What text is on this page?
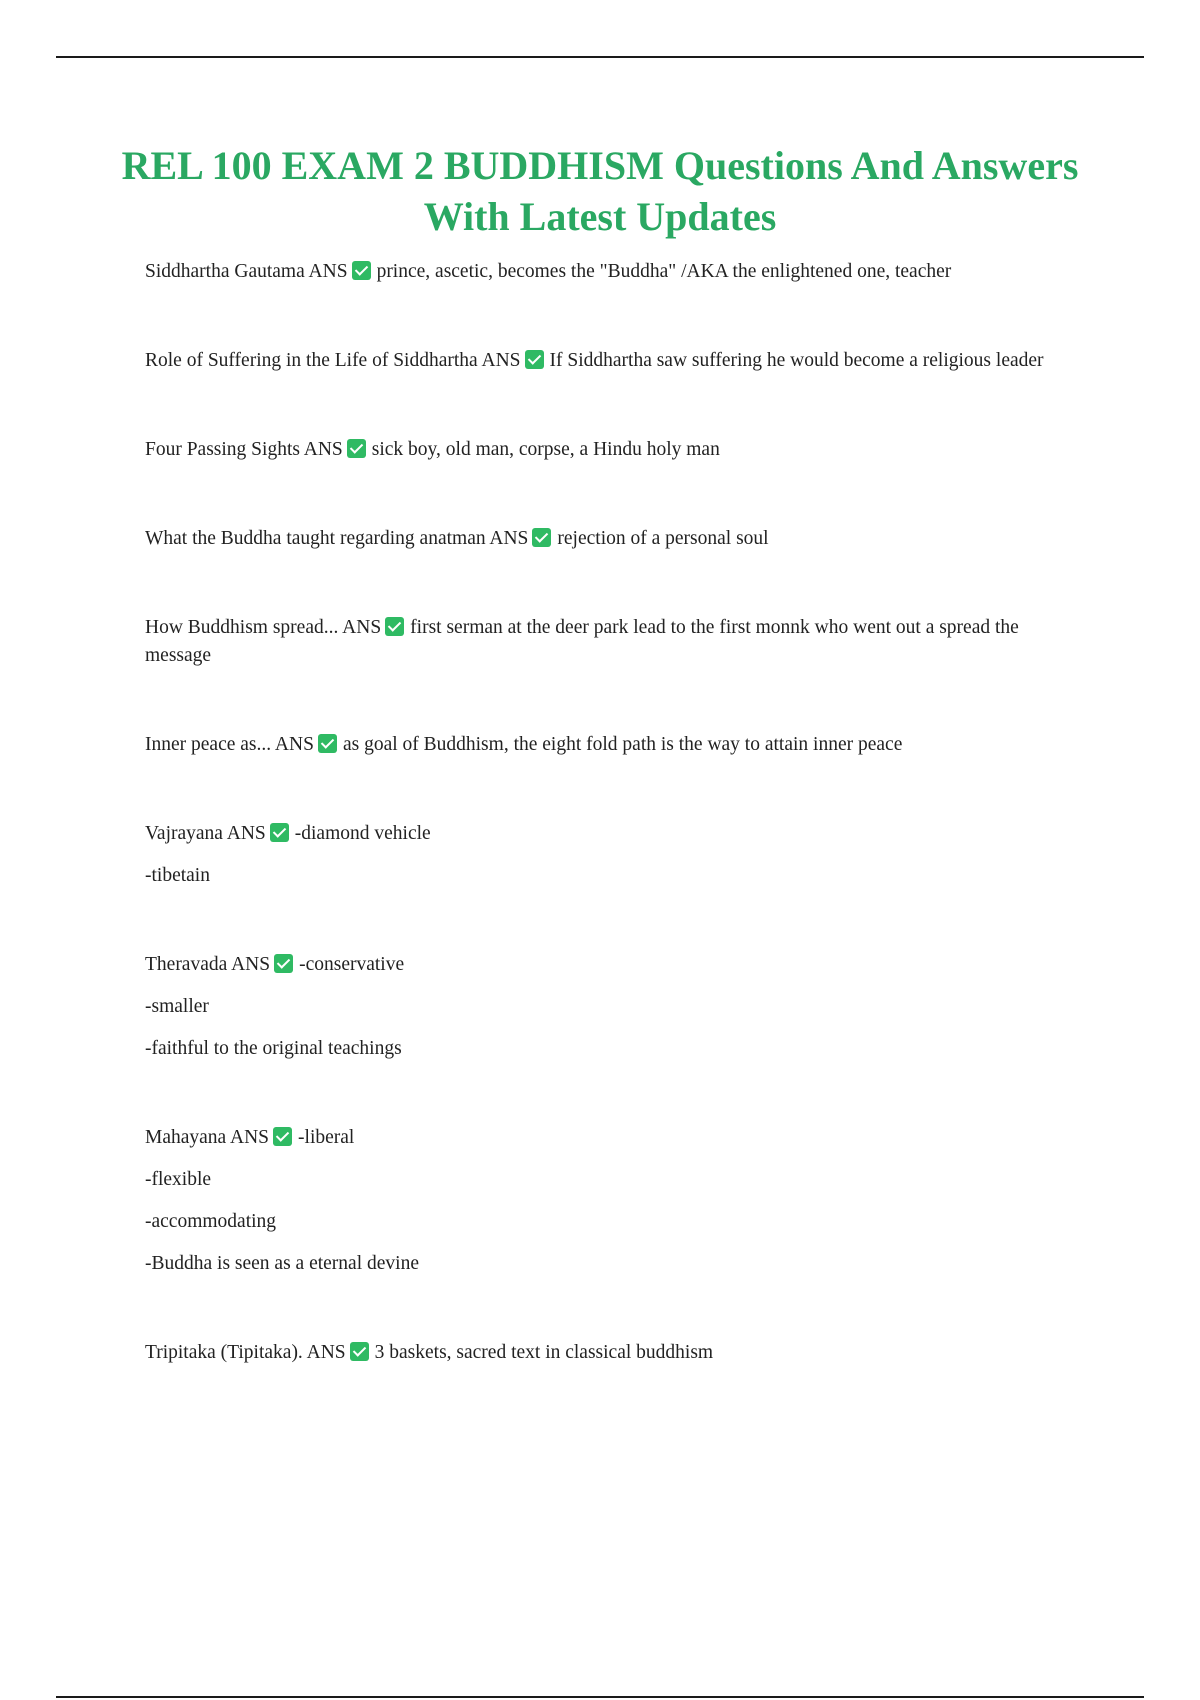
REL 100 EXAM 2 BUDDHISM Questions And Answers With Latest Updates

Siddhartha Gautama ANS prince, ascetic, becomes the "Buddha" /AKA the enlightened one, teacher

Role of Suffering in the Life of Siddhartha ANS If Siddhartha saw suffering he would become a religious leader

Four Passing Sights ANS sick boy, old man, corpse, a Hindu holy man

What the Buddha taught regarding anatman ANS rejection of a personal soul

How Buddhism spread... ANS first serman at the deer park lead to the first monnk who went out a spread the message

Inner peace as... ANS as goal of Buddhism, the eight fold path is the way to attain inner peace

Vajrayana ANS -diamond vehicle

-tibetain

Theravada ANS -conservative

-smaller

-faithful to the original teachings

Mahayana ANS -liberal

-flexible

-accommodating

-Buddha is seen as a eternal devine

Tripitaka (Tipitaka). ANS 3 baskets, sacred text in classical buddhism
